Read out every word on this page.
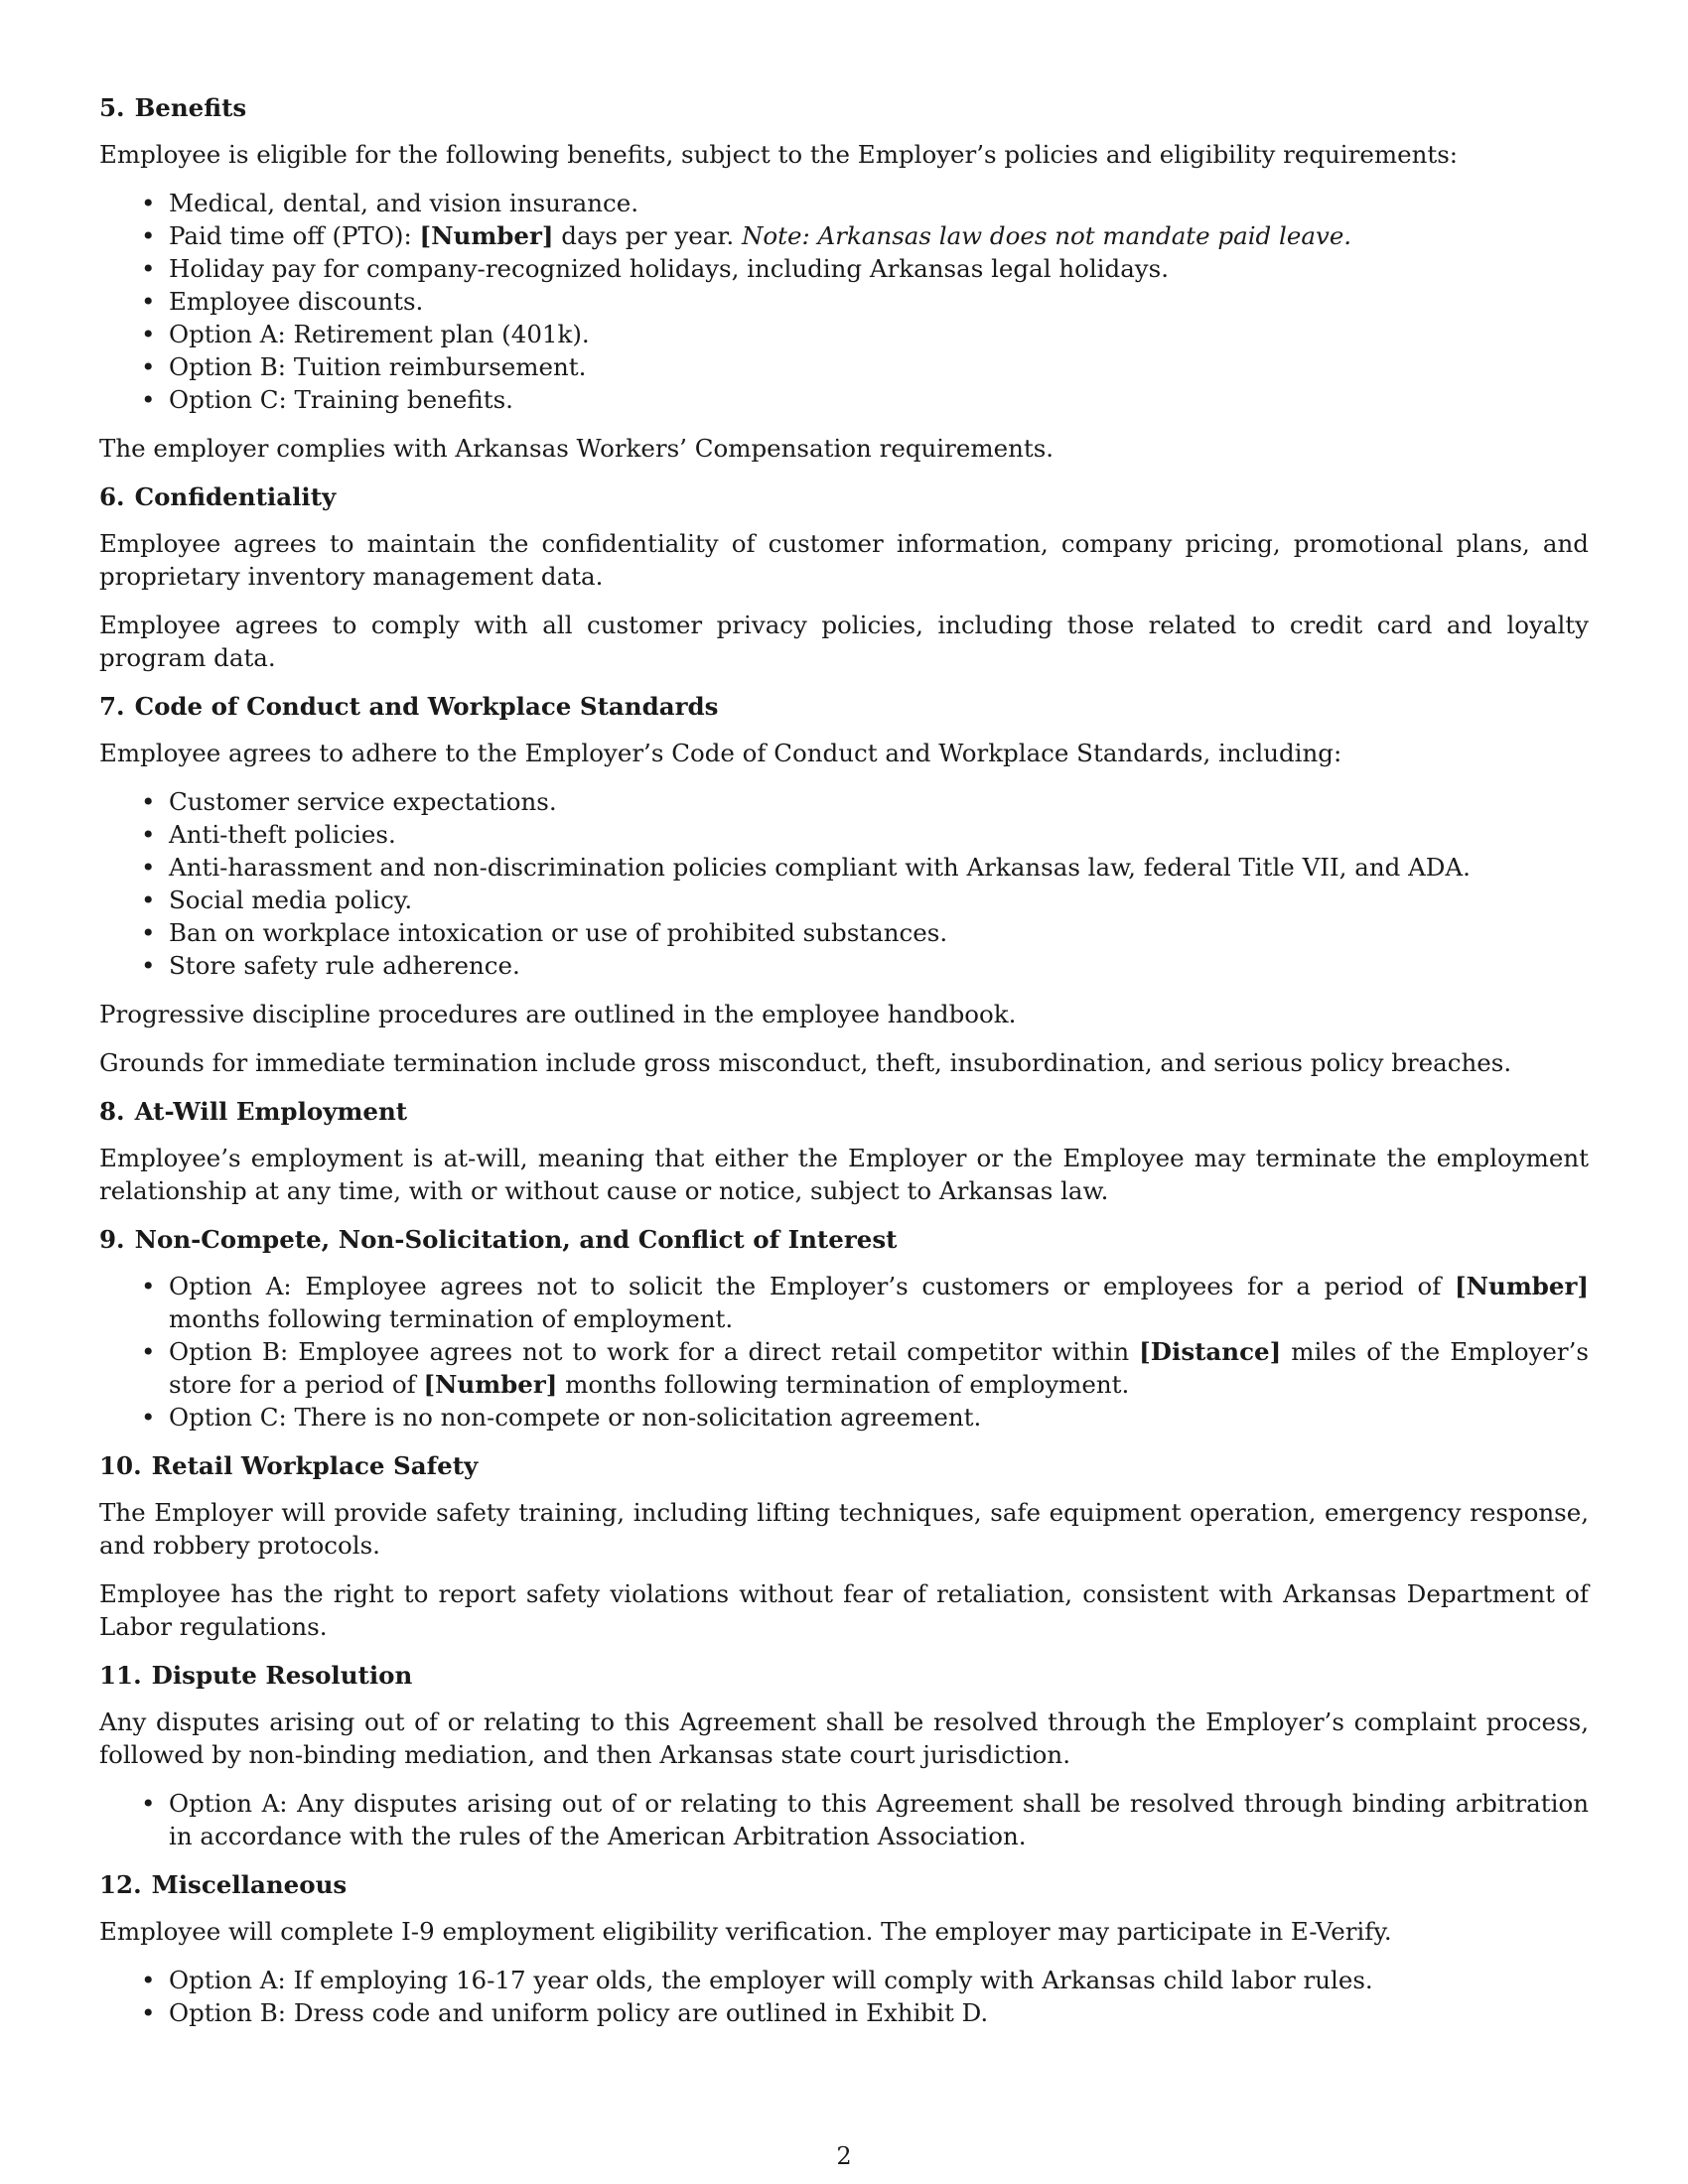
5. Benefits

Employee is eligible for the following benefits, subject to the Employer’s policies and eligibility requirements:

• Medical, dental, and vision insurance.
• Paid time off (PTO): [Number] days per year. Note: Arkansas law does not mandate paid leave.
• Holiday pay for company-recognized holidays, including Arkansas legal holidays.
• Employee discounts.
• Option A: Retirement plan (401k).
• Option B: Tuition reimbursement.
• Option C: Training benefits.

The employer complies with Arkansas Workers’ Compensation requirements.

6. Confidentiality

Employee agrees to maintain the confidentiality of customer information, company pricing, promotional plans, and proprietary inventory management data.

Employee agrees to comply with all customer privacy policies, including those related to credit card and loyalty program data.

7. Code of Conduct and Workplace Standards

Employee agrees to adhere to the Employer’s Code of Conduct and Workplace Standards, including:

• Customer service expectations.
• Anti-theft policies.
• Anti-harassment and non-discrimination policies compliant with Arkansas law, federal Title VII, and ADA.
• Social media policy.
• Ban on workplace intoxication or use of prohibited substances.
• Store safety rule adherence.

Progressive discipline procedures are outlined in the employee handbook.

Grounds for immediate termination include gross misconduct, theft, insubordination, and serious policy breaches.

8. At-Will Employment

Employee’s employment is at-will, meaning that either the Employer or the Employee may terminate the employment relationship at any time, with or without cause or notice, subject to Arkansas law.

9. Non-Compete, Non-Solicitation, and Conflict of Interest
• Option A: Employee agrees not to solicit the Employer’s customers or employees for a period of [Number] months following termination of employment.
• Option B: Employee agrees not to work for a direct retail competitor within [Distance] miles of the Employer’s store for a period of [Number] months following termination of employment.
• Option C: There is no non-compete or non-solicitation agreement.
10. Retail Workplace Safety

The Employer will provide safety training, including lifting techniques, safe equipment operation, emergency response, and robbery protocols.

Employee has the right to report safety violations without fear of retaliation, consistent with Arkansas Department of Labor regulations.

11. Dispute Resolution

Any disputes arising out of or relating to this Agreement shall be resolved through the Employer’s complaint process, followed by non-binding mediation, and then Arkansas state court jurisdiction.

• Option A: Any disputes arising out of or relating to this Agreement shall be resolved through binding arbitration in accordance with the rules of the American Arbitration Association.
12. Miscellaneous

Employee will complete I-9 employment eligibility verification. The employer may participate in E-Verify.

• Option A: If employing 16-17 year olds, the employer will comply with Arkansas child labor rules.
• Option B: Dress code and uniform policy are outlined in Exhibit D.
2
